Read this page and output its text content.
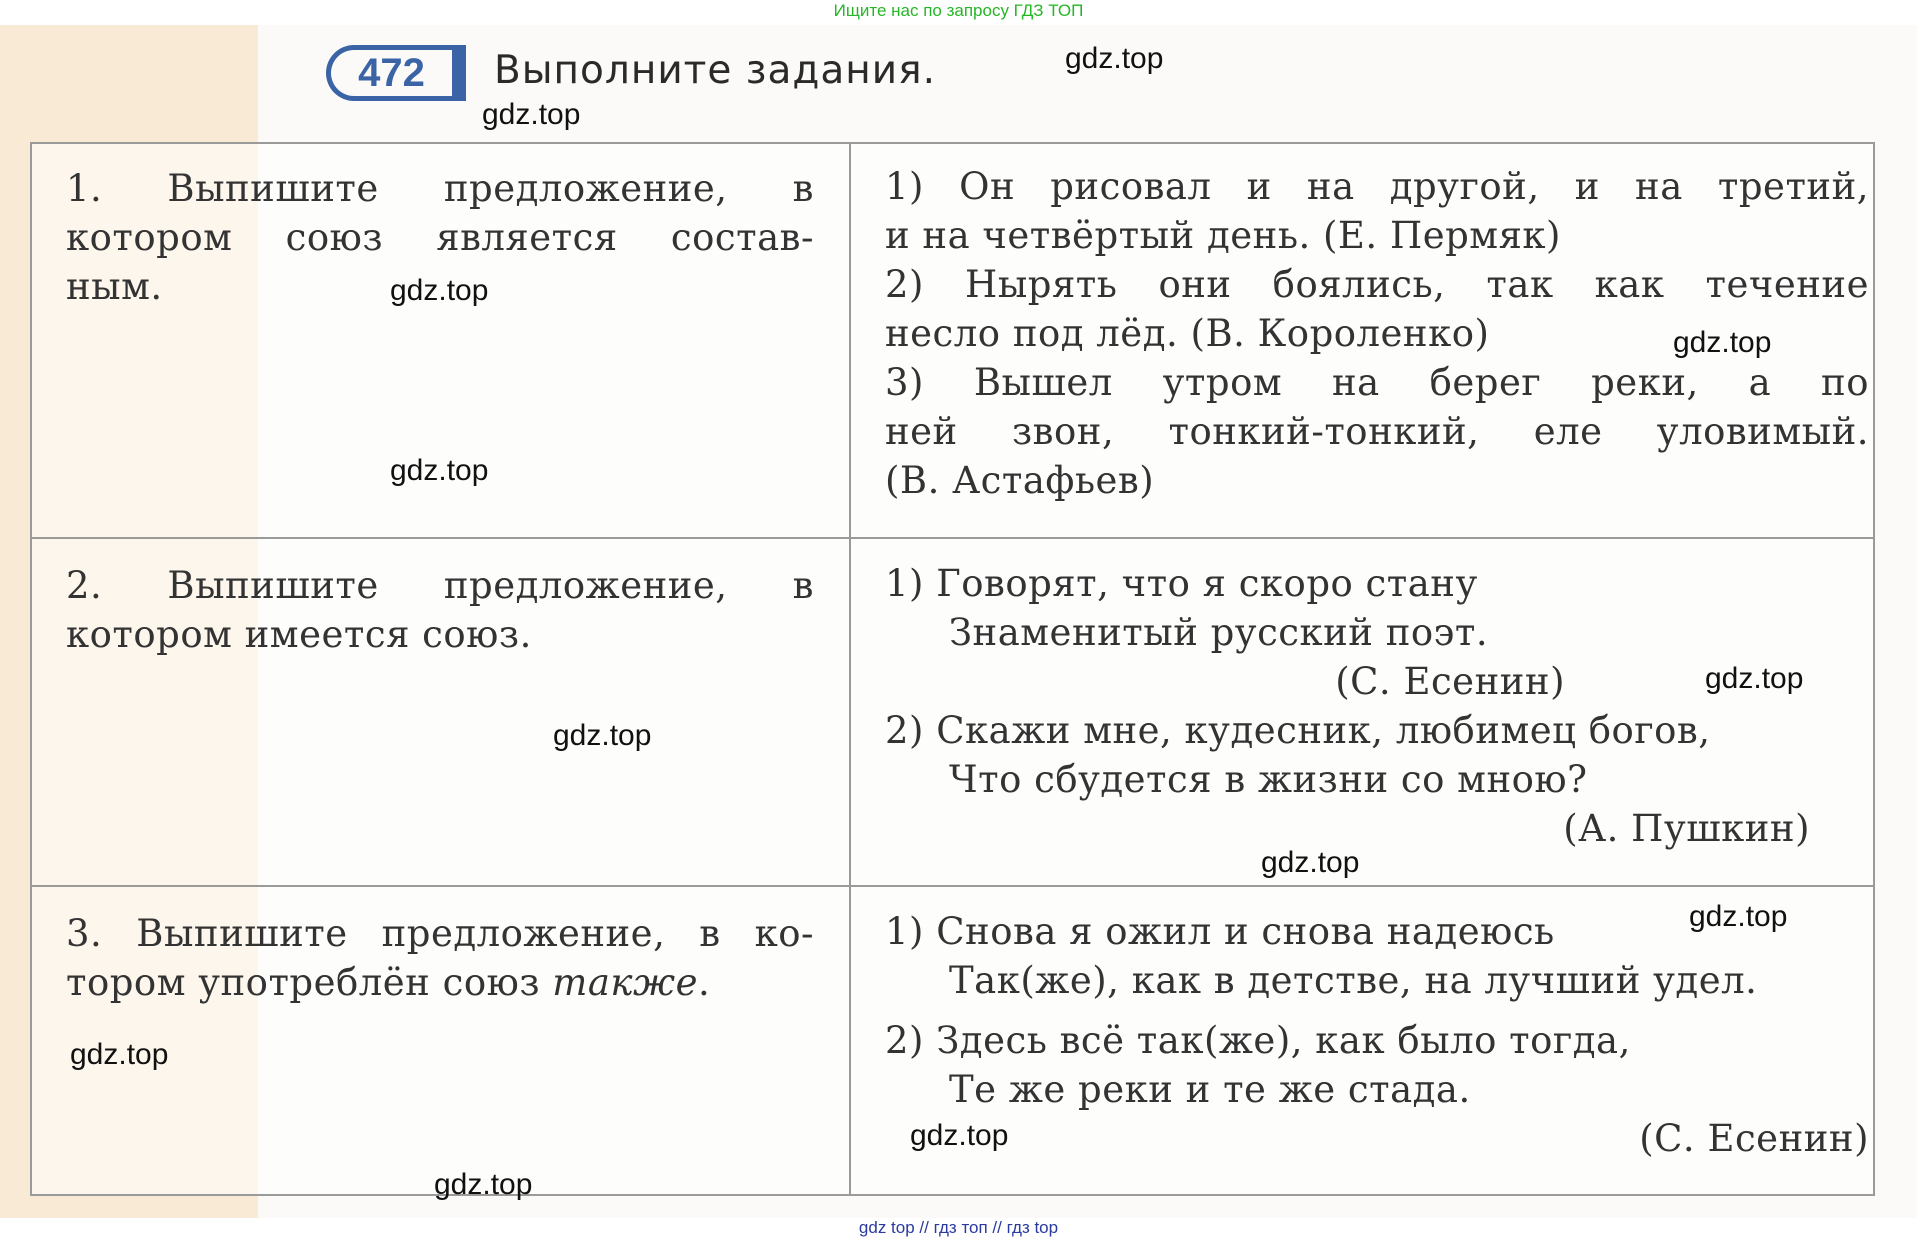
Ищите нас по запросу ГДЗ ТОП
472	Выполните задания.
1. Выпишите предложение, в
котором союз является состав-
ным.
1) Он рисовал и на другой, и на третий,
и на четвёртый день. (Е. Пермяк)
2) Нырять они боялись, так как течение
несло под лёд. (В. Короленко)
3) Вышел утром на берег реки, а по
ней звон, тонкий-тонкий, еле уловимый.
(В. Астафьев)
2. Выпишите предложение, в
котором имеется союз.
1) Говорят, что я скоро стану
Знаменитый русский поэт.
(С. Есенин)
2) Скажи мне, кудесник, любимец богов,
Что сбудется в жизни со мною?
(А. Пушкин)
3. Выпишите предложение, в ко-
тором употреблён союз также.
1) Снова я ожил и снова надеюсь
Так(же), как в детстве, на лучший удел.
2) Здесь всё так(же), как было тогда,
Те же реки и те же стада.
(С. Есенин)
gdz.top
gdz.top
gdz.top
gdz.top
gdz.top
gdz.top
gdz.top
gdz.top
gdz.top
gdz.top
gdz.top
gdz.top
gdz top // гдз топ // гдз top
